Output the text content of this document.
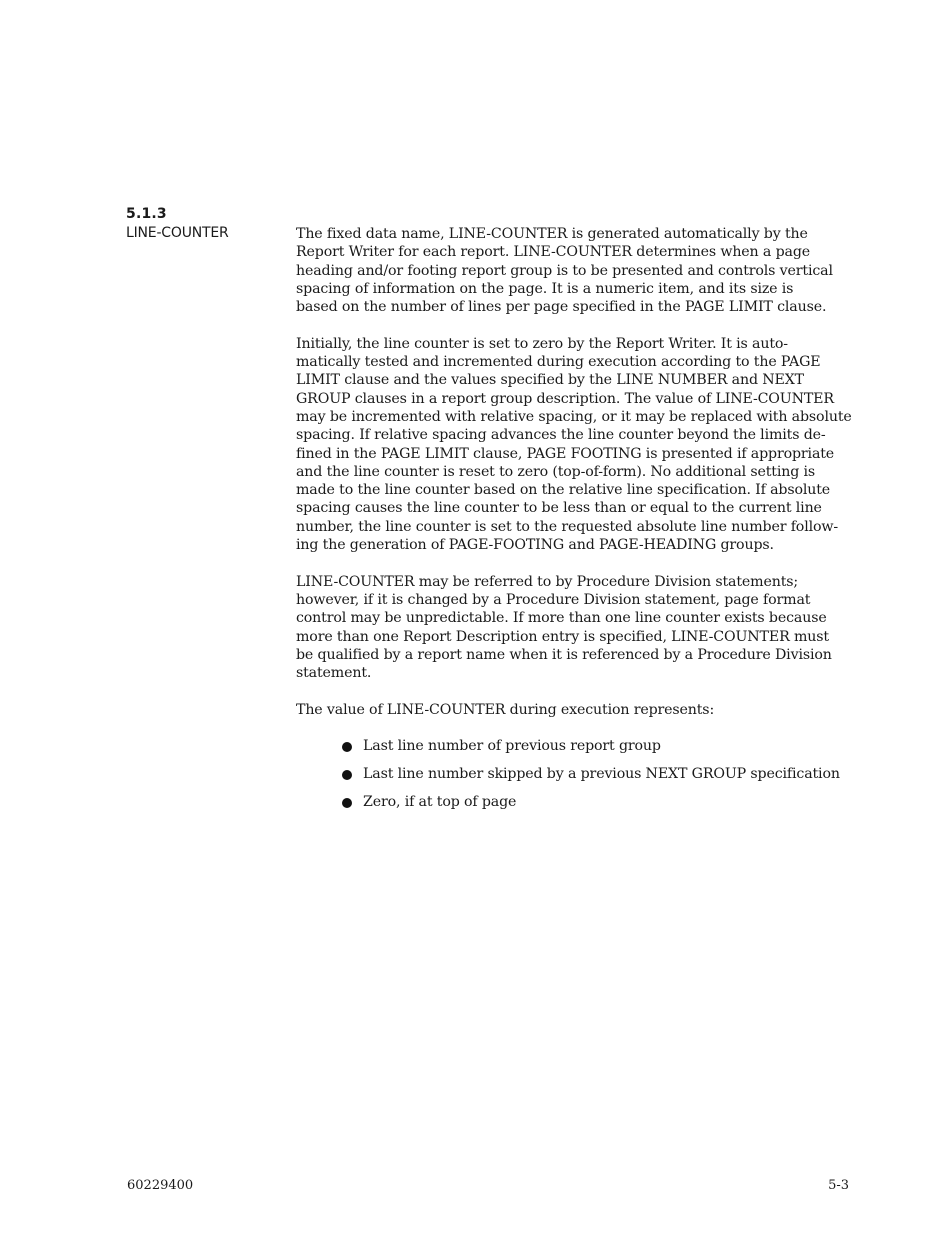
5.1.3
LINE-COUNTER	The fixed data name, LINE-COUNTER is generated automatically by the
Report Writer for each report. LINE-COUNTER determines when a page
heading and/or footing report group is to be presented and controls vertical
spacing of information on the page. It is a numeric item, and its size is
based on the number of lines per page specified in the PAGE LIMIT clause.

Initially, the line counter is set to zero by the Report Writer. It is auto-
matically tested and incremented during execution according to the PAGE
LIMIT clause and the values specified by the LINE NUMBER and NEXT
GROUP clauses in a report group description. The value of LINE-COUNTER
may be incremented with relative spacing, or it may be replaced with absolute
spacing. If relative spacing advances the line counter beyond the limits de-
fined in the PAGE LIMIT clause, PAGE FOOTING is presented if appropriate
and the line counter is reset to zero (top-of-form). No additional setting is
made to the line counter based on the relative line specification. If absolute
spacing causes the line counter to be less than or equal to the current line
number, the line counter is set to the requested absolute line number follow-
ing the generation of PAGE-FOOTING and PAGE-HEADING groups.

LINE-COUNTER may be referred to by Procedure Division statements;
however, if it is changed by a Procedure Division statement, page format
control may be unpredictable. If more than one line counter exists because
more than one Report Description entry is specified, LINE-COUNTER must
be qualified by a report name when it is referenced by a Procedure Division
statement.

The value of LINE-COUNTER during execution represents:

Last line number of previous report group
Last line number skipped by a previous NEXT GROUP specification
Zero, if at top of page
60229400	5-3
